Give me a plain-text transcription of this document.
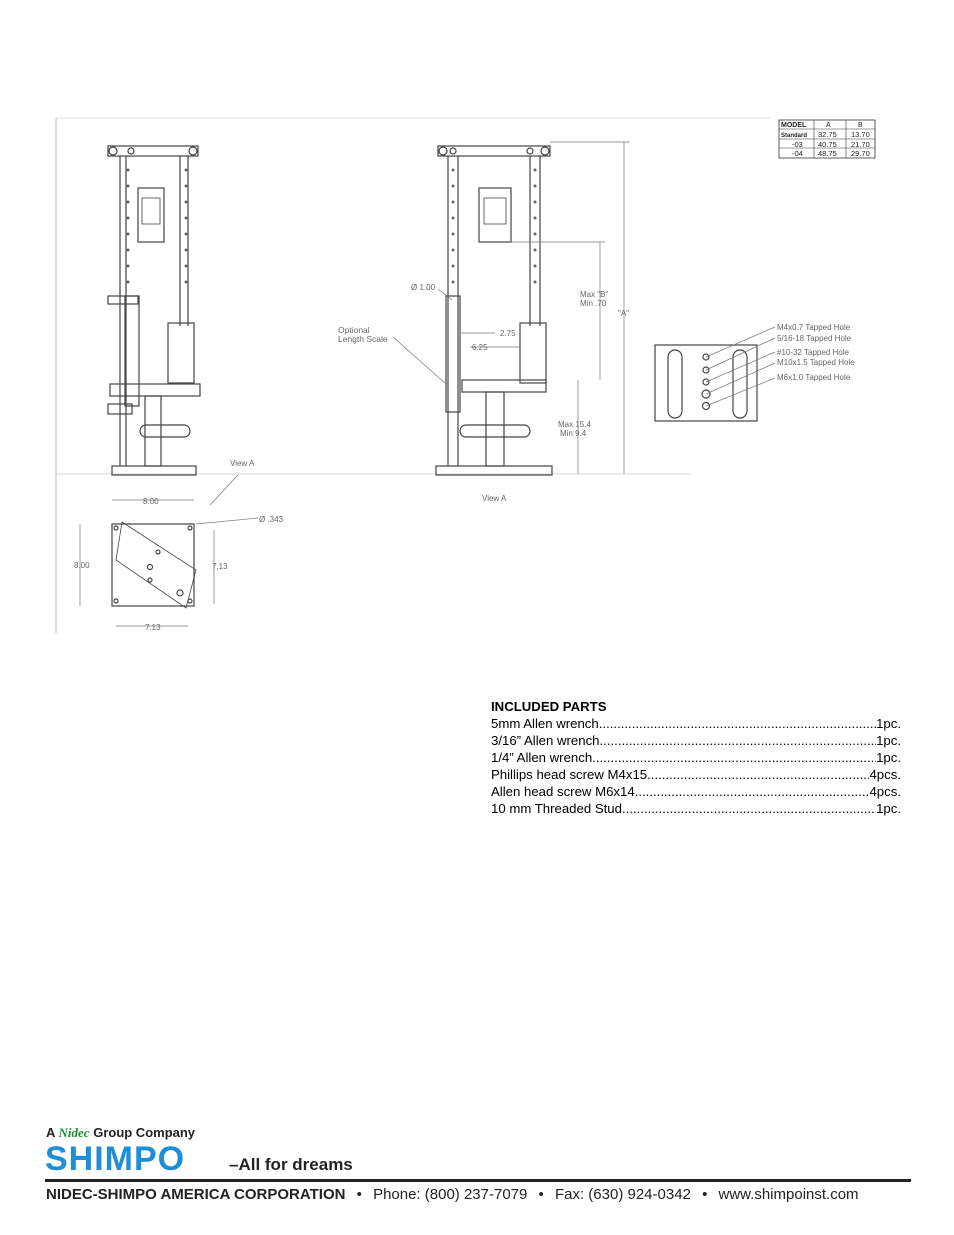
MODEL	A	B
Standard 32.75 13.70
-03 40.75 21.70
-04 48.75 29.70
M4x0.7 Tapped Hole
5/16-18 Tapped Hole
#10-32 Tapped Hole
M10x1.5 Tapped Hole
M6x1.0 Tapped Hole
Optional
Length Scale
Ø 1.00
2.75
6.25
Max "B"
Min .70
"A"
Max 15.4
Min 9.4
View A
View A
8.00
8.00	7.13
7.13
Ø .343
INCLUDED PARTS
5mm Allen wrench .....	1pc.
3/16” Allen wrench .....	1pc.
1/4” Allen wrench .....	1pc.
Phillips head screw M4x15 .....	4pcs.
Allen head screw M6x14 .....	4pcs.
10 mm Threaded Stud .....	1pc.
A Nidec Group Company
SHIMPO	–All for dreams
NIDEC-SHIMPO AMERICA CORPORATION • Phone: (800) 237-7079 • Fax: (630) 924-0342 • www.shimpoinst.com
